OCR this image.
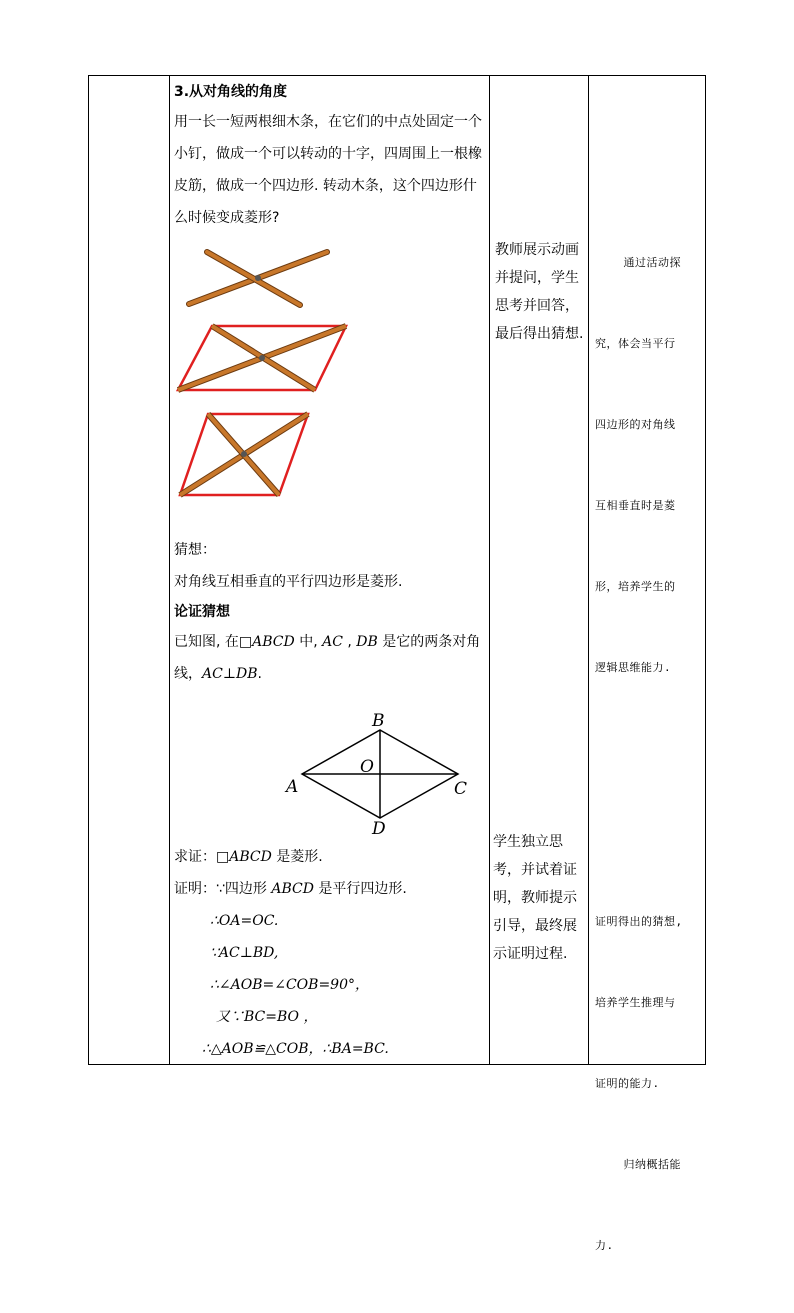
3.从对角线的角度

用一长一短两根细木条，在它们的中点处固定一个

小钉，做成一个可以转动的十字，四周围上一根橡

皮筋，做成一个四边形. 转动木条，这个四边形什

么时候变成菱形?

猜想：

对角线互相垂直的平行四边形是菱形.

论证猜想

已知图, 在□ABCD 中, AC , DB 是它的两条对角

线，AC⊥DB.

B
O
A	C
D

求证：□ABCD 是菱形.

证明：∵四边形 ABCD 是平行四边形.

∴OA=OC.

∵AC⊥BD,

∴∠AOB=∠COB=90°，

又∵BC=BO ，

∴△AOB≌△COB，∴BA=BC.

教师展示动画

并提问，学生

思考并回答，

最后得出猜想.

学生独立思

考，并试着证

明，教师提示

引导，最终展

示证明过程.

通过活动探

究，体会当平行

四边形的对角线

互相垂直时是菱

形，培养学生的

逻辑思维能力.

证明得出的猜想,

培养学生推理与

证明的能力.

归纳概括能

力.
